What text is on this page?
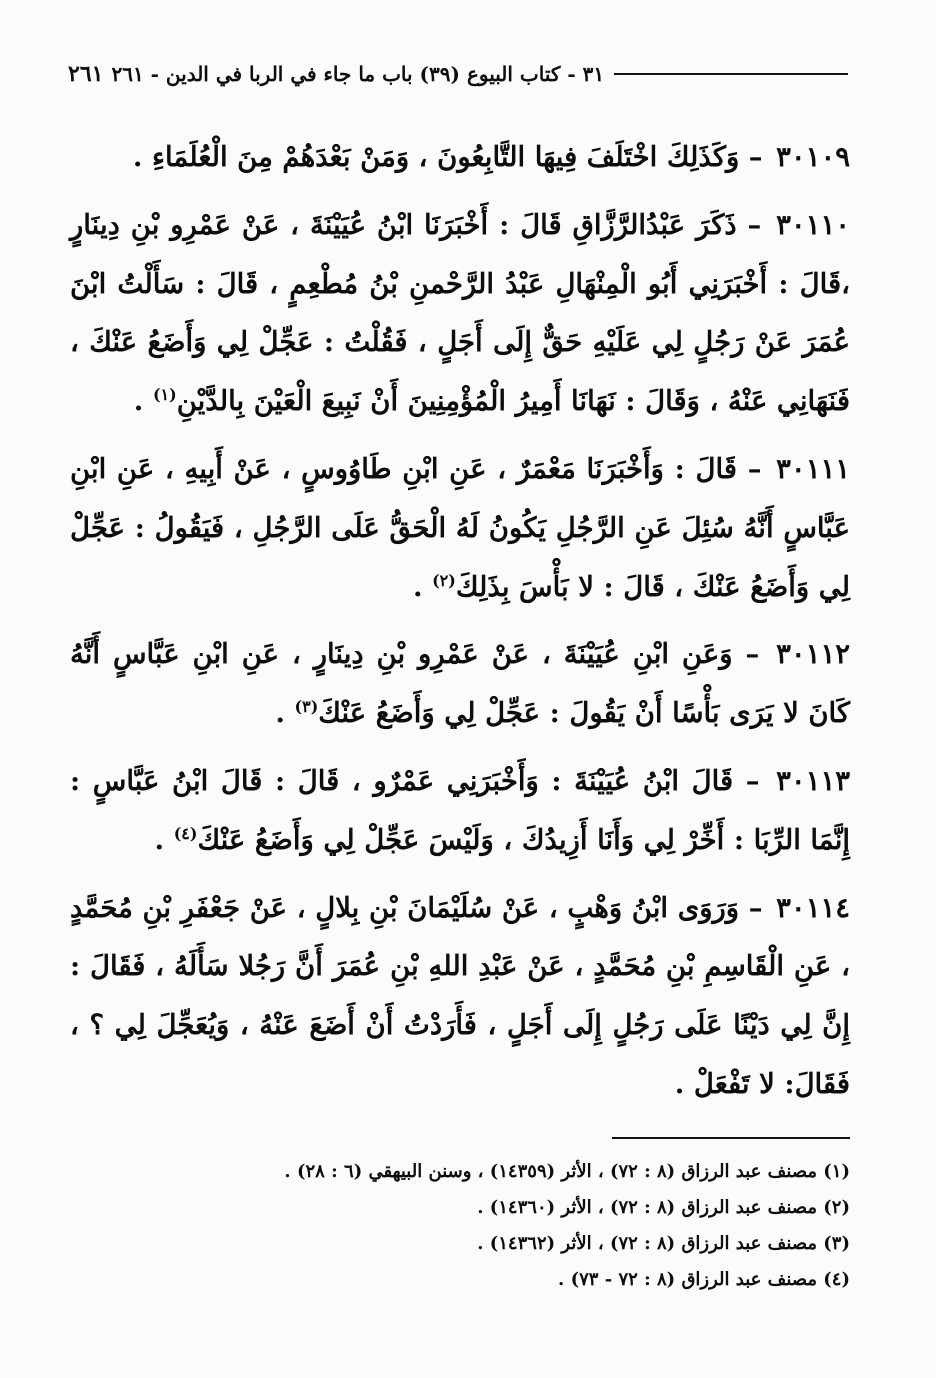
٢٦١ ٣١ - كتاب البيوع (٣٩) باب ما جاء في الربا في الدين - ٢٦١

٣٠١٠٩ – وَكَذَلِكَ اخْتَلَفَ فِيهَا التَّابِعُونَ ، وَمَنْ بَعْدَهُمْ مِنَ الْعُلَمَاءِ .

٣٠١١٠ – ذَكَرَ عَبْدُالرَّزَّاقِ قَالَ : أَخْبَرَنَا ابْنُ عُيَيْنَةَ ، عَنْ عَمْرِو بْنِ دِينَارٍ ،قَالَ : أَخْبَرَنِي أَبُو الْمِنْهَالِ عَبْدُ الرَّحْمنِ بْنُ مُطْعِمٍ ، قَالَ : سَأَلْتُ ابْنَ عُمَرَ عَنْ رَجُلٍ لِي عَلَيْهِ حَقٌّ إِلَى أَجَلٍ ، فَقُلْتُ : عَجِّلْ لِي وَأَضَعُ عَنْكَ ، فَنَهَانِي عَنْهُ ، وَقَالَ : نَهَانَا أَمِيرُ الْمُؤْمِنِينَ أَنْ نَبِيعَ الْعَيْنَ بِالدَّيْنِ$^{(١)}$ .

٣٠١١١ – قَالَ : وَأَخْبَرَنَا مَعْمَرٌ ، عَنِ ابْنِ طَاوُوسٍ ، عَنْ أَبِيهِ ، عَنِ ابْنِ عَبَّاسٍ أَنَّهُ سُئِلَ عَنِ الرَّجُلِ يَكُونُ لَهُ الْحَقُّ عَلَى الرَّجُلِ ، فَيَقُولُ : عَجِّلْ لِي وَأَضَعُ عَنْكَ ، قَالَ : لا بَأْسَ بِذَلِكَ$^{(٢)}$ .

٣٠١١٢ – وَعَنِ ابْنِ عُيَيْنَةَ ، عَنْ عَمْرِو بْنِ دِينَارٍ ، عَنِ ابْنِ عَبَّاسٍ أَنَّهُ كَانَ لا يَرَى بَأْسًا أَنْ يَقُولَ : عَجِّلْ لِي وَأَضَعُ عَنْكَ$^{(٣)}$ .

٣٠١١٣ – قَالَ ابْنُ عُيَيْنَةَ : وَأَخْبَرَنِي عَمْرٌو ، قَالَ : قَالَ ابْنُ عَبَّاسٍ : إِنَّمَا الرِّبَا : أَخِّرْ لِي وَأَنَا أَزِيدُكَ ، وَلَيْسَ عَجِّلْ لِي وَأَضَعُ عَنْكَ$^{(٤)}$ .

٣٠١١٤ – وَرَوَى ابْنُ وَهْبٍ ، عَنْ سُلَيْمَانَ بْنِ بِلالٍ ، عَنْ جَعْفَرِ بْنِ مُحَمَّدٍ ، عَنِ الْقَاسِمِ بْنِ مُحَمَّدٍ ، عَنْ عَبْدِ اللهِ بْنِ عُمَرَ أَنَّ رَجُلا سَأَلَهُ ، فَقَالَ : إِنَّ لِي دَيْنًا عَلَى رَجُلٍ إِلَى أَجَلٍ ، فَأَرَدْتُ أَنْ أَضَعَ عَنْهُ ، وَيُعَجِّلَ لِي ؟ ، فَقَالَ: لا تَفْعَلْ .

(١) مصنف عبد الرزاق (٨ : ٧٢) ، الأثر (١٤٣٥٩) ، وسنن البيهقي (٦ : ٢٨) .

(٢) مصنف عبد الرزاق (٨ : ٧٢) ، الأثر (١٤٣٦٠) .

(٣) مصنف عبد الرزاق (٨ : ٧٢) ، الأثر (١٤٣٦٢) .

(٤) مصنف عبد الرزاق (٨ : ٧٢ - ٧٣) .
